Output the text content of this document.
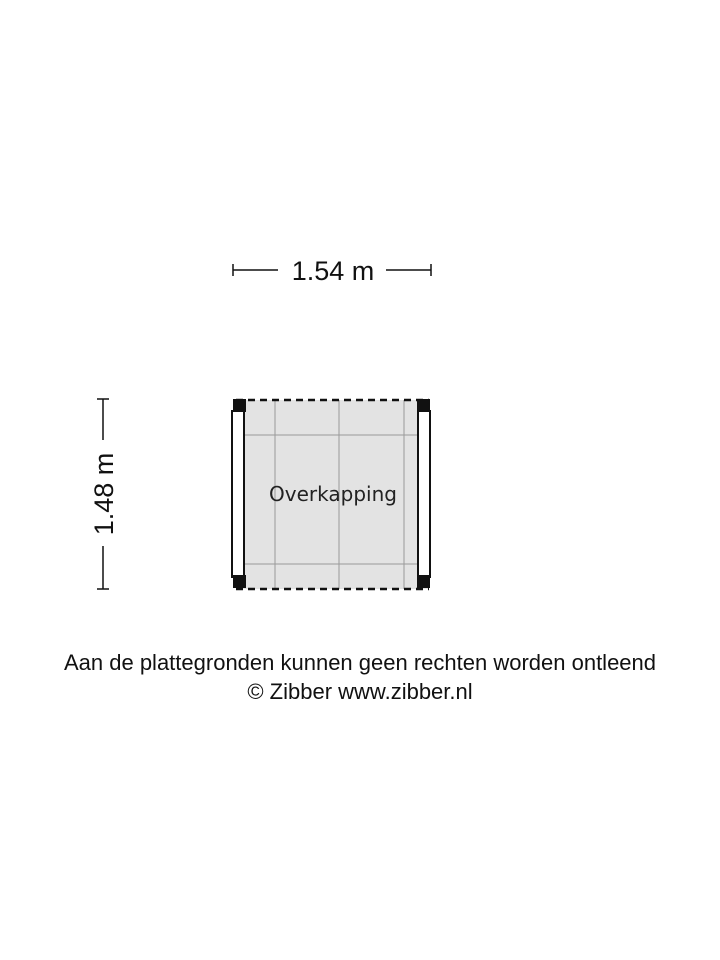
1.54 m
1.48 m	Overkapping
Aan de plattegronden kunnen geen rechten worden ontleend
© Zibber www.zibber.nl
